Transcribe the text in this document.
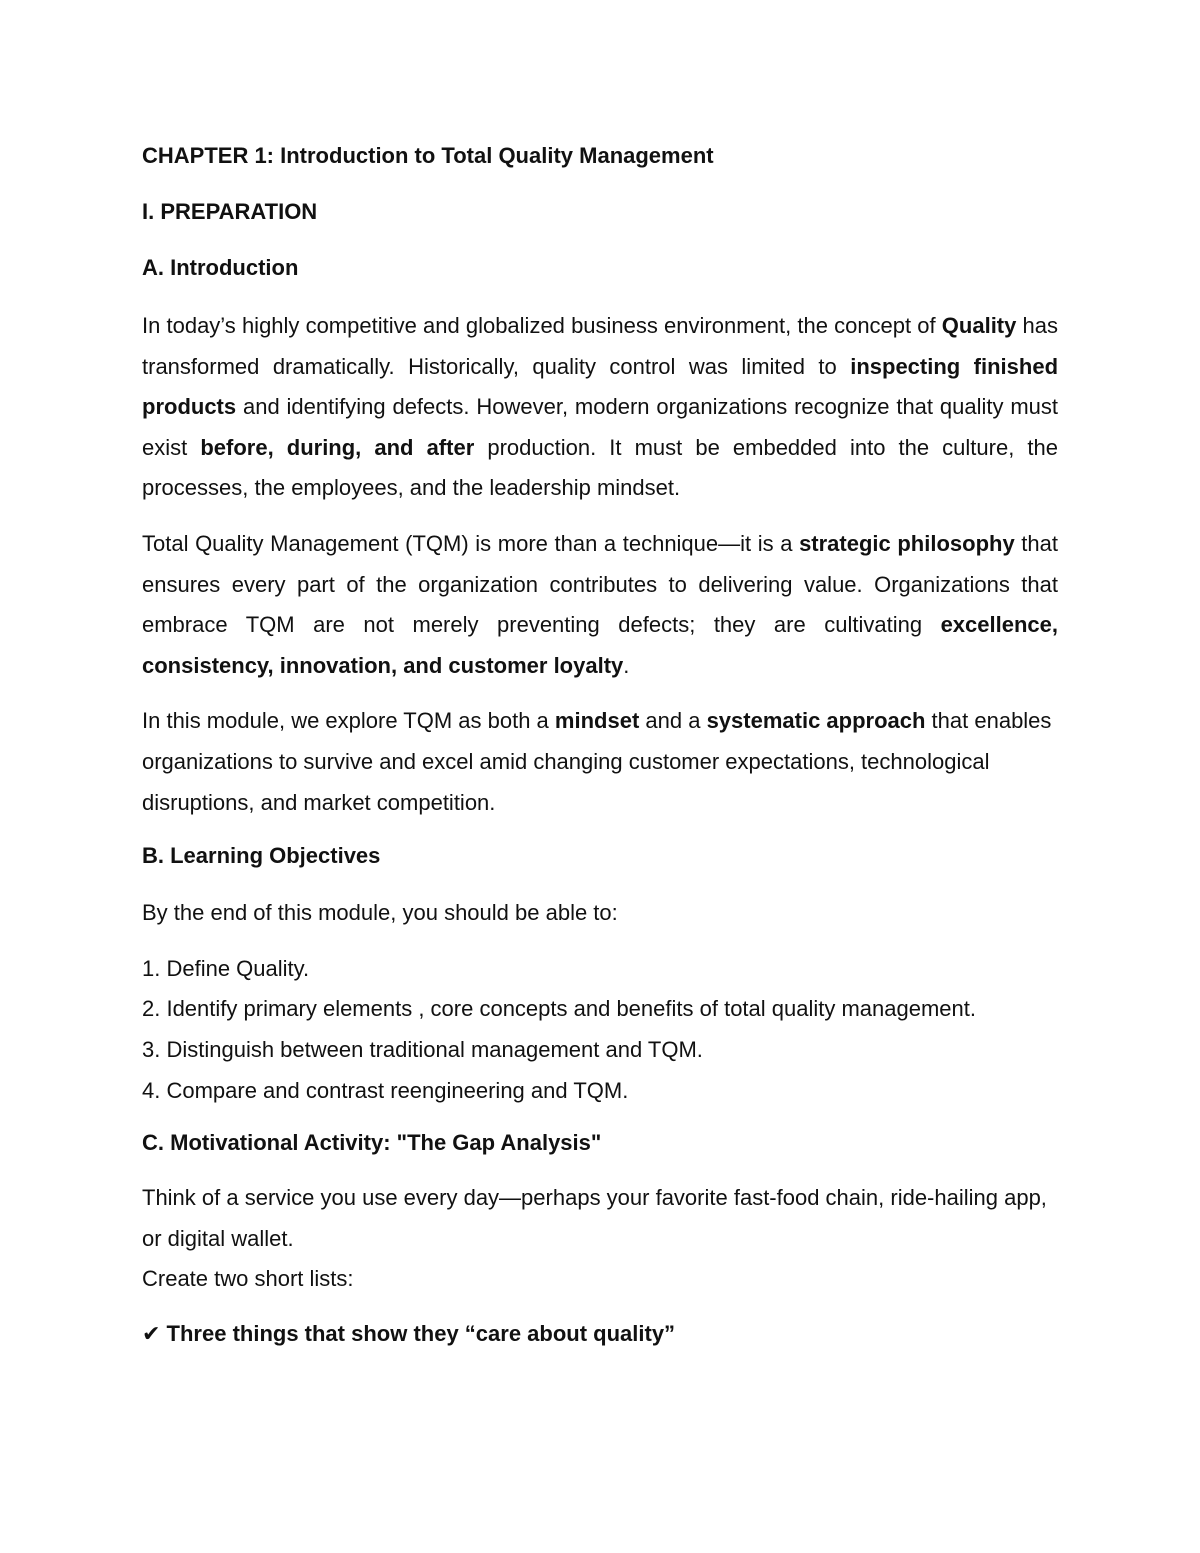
CHAPTER 1: Introduction to Total Quality Management

I. PREPARATION

A. Introduction

In today’s highly competitive and globalized business environment, the concept of Quality has transformed dramatically. Historically, quality control was limited to inspecting finished products and identifying defects. However, modern organizations recognize that quality must exist before, during, and after production. It must be embedded into the culture, the processes, the employees, and the leadership mindset.

Total Quality Management (TQM) is more than a technique—it is a strategic philosophy that ensures every part of the organization contributes to delivering value. Organizations that embrace TQM are not merely preventing defects; they are cultivating excellence, consistency, innovation, and customer loyalty.

In this module, we explore TQM as both a mindset and a systematic approach that enables organizations to survive and excel amid changing customer expectations, technological disruptions, and market competition.

B. Learning Objectives

By the end of this module, you should be able to:

1. Define Quality.
2. Identify primary elements , core concepts and benefits of total quality management.
3. Distinguish between traditional management and TQM.
4. Compare and contrast reengineering and TQM.

C. Motivational Activity: "The Gap Analysis"

Think of a service you use every day—perhaps your favorite fast-food chain, ride-hailing app, or digital wallet.

Create two short lists:

✔ Three things that show they “care about quality”
